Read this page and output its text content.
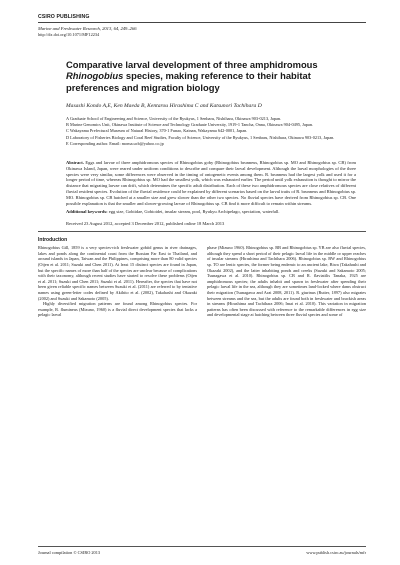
CSIRO PUBLISHING
Marine and Freshwater Research, 2013, 64, 249–266
http://dx.doi.org/10.1071/MF12234
Comparative larval development of three amphidromous
Rhinogobius species, making reference to their habitat preferences and migration biology
Masashi Kondo A,E, Ken Maeda B, Kentarou Hirashima C and Katsunori Tachihara D
A Graduate School of Engineering and Science, University of the Ryukyus, 1 Senbaru, Nishihara, Okinawa 903-0213, Japan.
B Marine Genomics Unit, Okinawa Institute of Science and Technology Graduate University, 1919-1 Tancha, Onna, Okinawa 904-0495, Japan.
C Wakayama Prefectural Museum of Natural History, 370-1 Funao, Kainan, Wakayama 642-0001, Japan.
D Laboratory of Fisheries Biology and Coral Reef Studies, Faculty of Science, University of the Ryukyus, 1 Senbaru, Nishihara, Okinawa 903-0213, Japan.
E Corresponding author. Email: moma.ucb@yahoo.co.jp
Abstract. Eggs and larvae of three amphidromous species of Rhinogobius goby (Rhinogobius brunneus, Rhinogobius sp. MO and Rhinogobius sp. CB) from Okinawa Island, Japan, were reared under uniform conditions to describe and compare their larval development. Although the larval morphologies of the three species were very similar, some differences were observed in the timing of ontogenetic events among them. R. brunneus had the largest yolk and used it for a longer period of time, whereas Rhinogobius sp. MO had the smallest yolk, which was exhausted earlier. The period until yolk exhaustion is thought to mirror the distance that migrating larvae can drift, which determines the specific adult distribution. Each of these two amphidromous species are close relatives of different fluvial resident species. Evolution of the fluvial residence could be explained by different scenarios based on the larval traits of R. brunneus and Rhinogobius sp. MO. Rhinogobius sp. CB hatched at a smaller size and grew slower than the other two species. No fluvial species have derived from Rhinogobius sp. CB. One possible explanation is that the smaller and slower-growing larvae of Rhinogobius sp. CB find it more difficult to remain within streams.
Additional keywords: egg size, Gobiidae, Gobioidei, insular stream, pool, Ryukyu Archipelago, speciation, waterfall.
Received 23 August 2012, accepted 3 December 2012, published online 18 March 2013
Introduction

Rhinogobius Gill, 1859 is a very species-rich freshwater gobiid genus in river drainages, lakes and ponds along the continental coast from the Russian Far East to Thailand, and around islands in Japan, Taiwan and the Philippines, comprising more than 80 valid species (Oijen et al. 2011; Suzuki and Chen 2011). At least 15 distinct species are found in Japan, but the specific names of more than half of the species are unclear because of complications with their taxonomy, although recent studies have started to resolve these problems (Oijen et al. 2011; Suzuki and Chen 2011; Suzuki et al. 2011). Hereafter, the species that have not been given reliable specific names between Suzuki et al. (2011) are referred to by tentative names using green-letter codes defined by Akihito et al. (2002), Takahashi and Okazaki (2002) and Suzuki and Sakamoto (2005).

Highly diversified migration patterns are found among Rhinogobius species. For example, R. flumineus (Mizuno, 1960) is a fluvial direct development species that lacks a pelagic larval

phase (Mizuno 1960). Rhinogobius sp. BB and Rhinogobius sp. YB are also fluvial species, although they spend a short period of their pelagic larval life in the middle or upper reaches of insular streams (Hirashima and Tachihara 2006). Rhinogobius sp. BW and Rhinogobius sp. TO are lentic species, the former being endemic to an ancient lake, Biwa (Takahashi and Okazaki 2002), and the latter inhabiting ponds and creeks (Suzuki and Sakamoto 2005; Tsunagawa et al. 2010). Rhinogobius sp. CB and R. flaviatilis Tanaka, 1925 are amphidromous species; the adults inhabit and spawn in freshwater after spending their pelagic larval life in the sea, although they are sometimes land-locked where dams obstruct their migration (Tsunagawa and Arai 2008, 2011). R. giurinus (Rutter, 1897) also migrates between streams and the sea, but the adults are found both in freshwater and brackish areas in streams (Hirashima and Tachihara 2006; Imai et al. 2010). This variation in migration patterns has often been discussed with reference to the remarkable differences in egg size and developmental stage at hatching between three fluvial species and some of

Journal compilation © CSIRO 2013	www.publish.csiro.au/journals/mfr
